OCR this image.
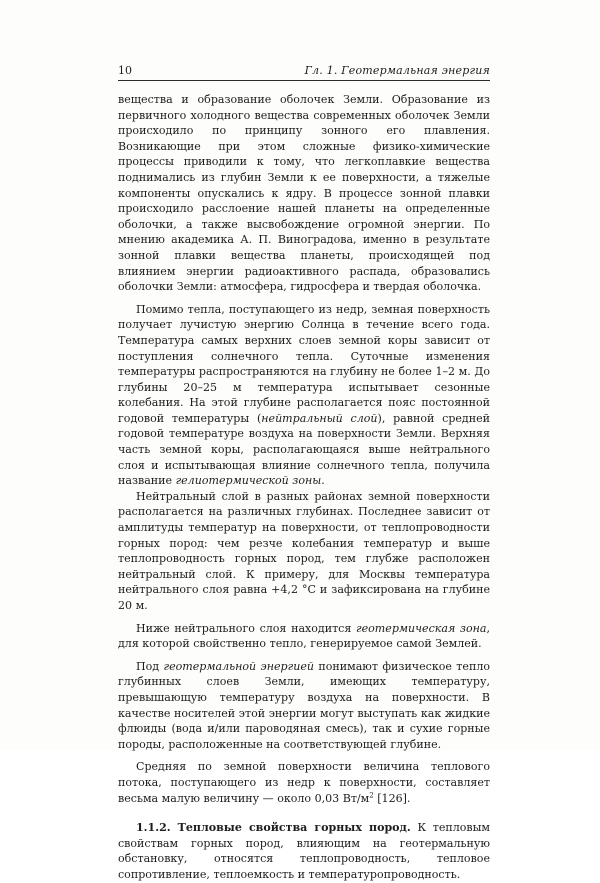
10	Гл. 1. Геотермальная энергия

вещества и образование оболочек Земли. Образование из первичного холодного вещества современных оболочек Земли происходило по принципу зонного его плавления. Возникающие при этом сложные физико-химические процессы приводили к тому, что легкоплавкие вещества поднимались из глубин Земли к ее поверхности, а тяжелые компоненты опускались к ядру. В процессе зонной плавки происходило расслоение нашей планеты на определенные оболочки, а также высвобождение огромной энергии. По мнению академика А. П. Виноградова, именно в результате зонной плавки вещества планеты, происходящей под влиянием энергии радиоактивного распада, образовались оболочки Земли: атмосфера, гидросфера и твердая оболочка.

Помимо тепла, поступающего из недр, земная поверхность получает лучистую энергию Солнца в течение всего года. Температура самых верхних слоев земной коры зависит от поступления солнечного тепла. Суточные изменения температуры распространяются на глубину не более 1–2 м. До глубины 20–25 м температура испытывает сезонные колебания. На этой глубине располагается пояс постоянной годовой температуры (нейтральный слой), равной средней годовой температуре воздуха на поверхности Земли. Верхняя часть земной коры, располагающаяся выше нейтрального слоя и испытывающая влияние солнечного тепла, получила название гелиотермической зоны.

Нейтральный слой в разных районах земной поверхности располагается на различных глубинах. Последнее зависит от амплитуды температур на поверхности, от теплопроводности горных пород: чем резче колебания температур и выше теплопроводность горных пород, тем глубже расположен нейтральный слой. К примеру, для Москвы температура нейтрального слоя равна +4,2 °С и зафиксирована на глубине 20 м.

Ниже нейтрального слоя находится геотермическая зона, для которой свойственно тепло, генерируемое самой Землей.

Под геотермальной энергией понимают физическое тепло глубинных слоев Земли, имеющих температуру, превышающую температуру воздуха на поверхности. В качестве носителей этой энергии могут выступать как жидкие флюиды (вода и/или пароводяная смесь), так и сухие горные породы, расположенные на соответствующей глубине.

Средняя по земной поверхности величина теплового потока, поступающего из недр к поверхности, составляет весьма малую величину — около 0,03 $Вт/м^2$ [126].

1.1.2. Тепловые свойства горных пород. К тепловым свойствам горных пород, влияющим на геотермальную обстановку, относятся теплопроводность, тепловое сопротивление, теплоемкость и температуропроводность.
